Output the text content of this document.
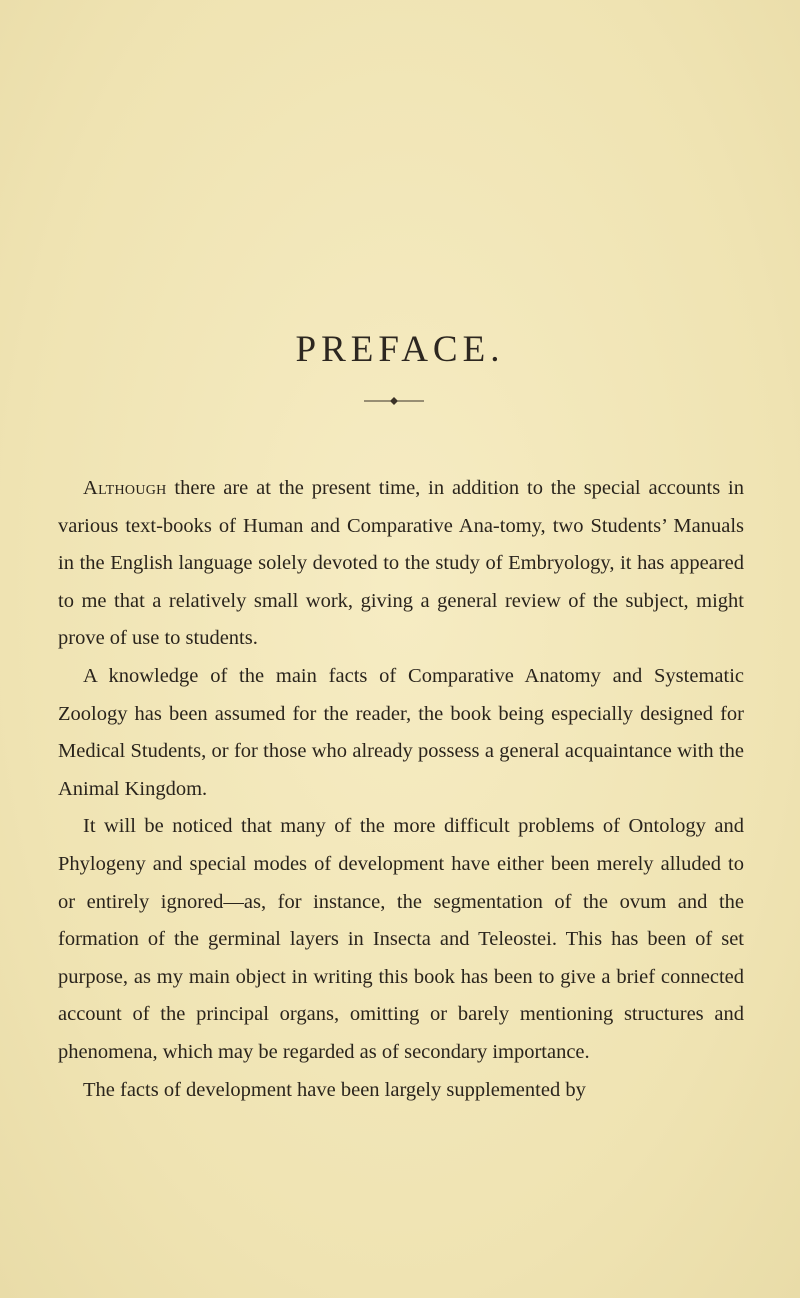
PREFACE.

Although there are at the present time, in addition to the special accounts in various text-books of Human and Comparative Ana-tomy, two Students’ Manuals in the English language solely devoted to the study of Embryology, it has appeared to me that a relatively small work, giving a general review of the subject, might prove of use to students.

A knowledge of the main facts of Comparative Anatomy and Systematic Zoology has been assumed for the reader, the book being especially designed for Medical Students, or for those who already possess a general acquaintance with the Animal Kingdom.

It will be noticed that many of the more difficult problems of Ontology and Phylogeny and special modes of development have either been merely alluded to or entirely ignored—as, for instance, the segmentation of the ovum and the formation of the germinal layers in Insecta and Teleostei. This has been of set purpose, as my main object in writing this book has been to give a brief connected account of the principal organs, omitting or barely mentioning structures and phenomena, which may be regarded as of secondary importance.

The facts of development have been largely supplemented by
